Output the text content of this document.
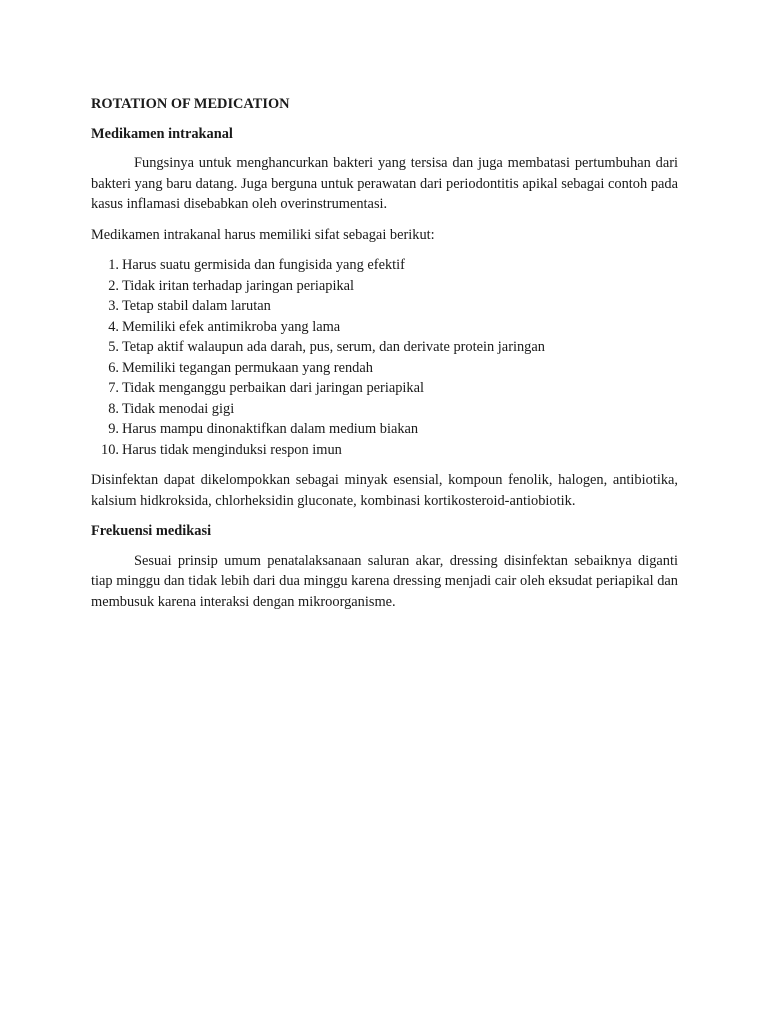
ROTATION OF MEDICATION
Medikamen intrakanal

Fungsinya untuk menghancurkan bakteri yang tersisa dan juga membatasi pertumbuhan dari bakteri yang baru datang. Juga berguna untuk perawatan dari periodontitis apikal sebagai contoh pada kasus inflamasi disebabkan oleh overinstrumentasi.

Medikamen intrakanal harus memiliki sifat sebagai berikut:

1. Harus suatu germisida dan fungisida yang efektif
2. Tidak iritan terhadap jaringan periapikal
3. Tetap stabil dalam larutan
4. Memiliki efek antimikroba yang lama
5. Tetap aktif walaupun ada darah, pus, serum, dan derivate protein jaringan
6. Memiliki tegangan permukaan yang rendah
7. Tidak menganggu perbaikan dari jaringan periapikal
8. Tidak menodai gigi
9. Harus mampu dinonaktifkan dalam medium biakan
10. Harus tidak menginduksi respon imun

Disinfektan dapat dikelompokkan sebagai minyak esensial, kompoun fenolik, halogen, antibiotika, kalsium hidkroksida, chlorheksidin gluconate, kombinasi kortikosteroid-antiobiotik.

Frekuensi medikasi

Sesuai prinsip umum penatalaksanaan saluran akar, dressing disinfektan sebaiknya diganti tiap minggu dan tidak lebih dari dua minggu karena dressing menjadi cair oleh eksudat periapikal dan membusuk karena interaksi dengan mikroorganisme.
